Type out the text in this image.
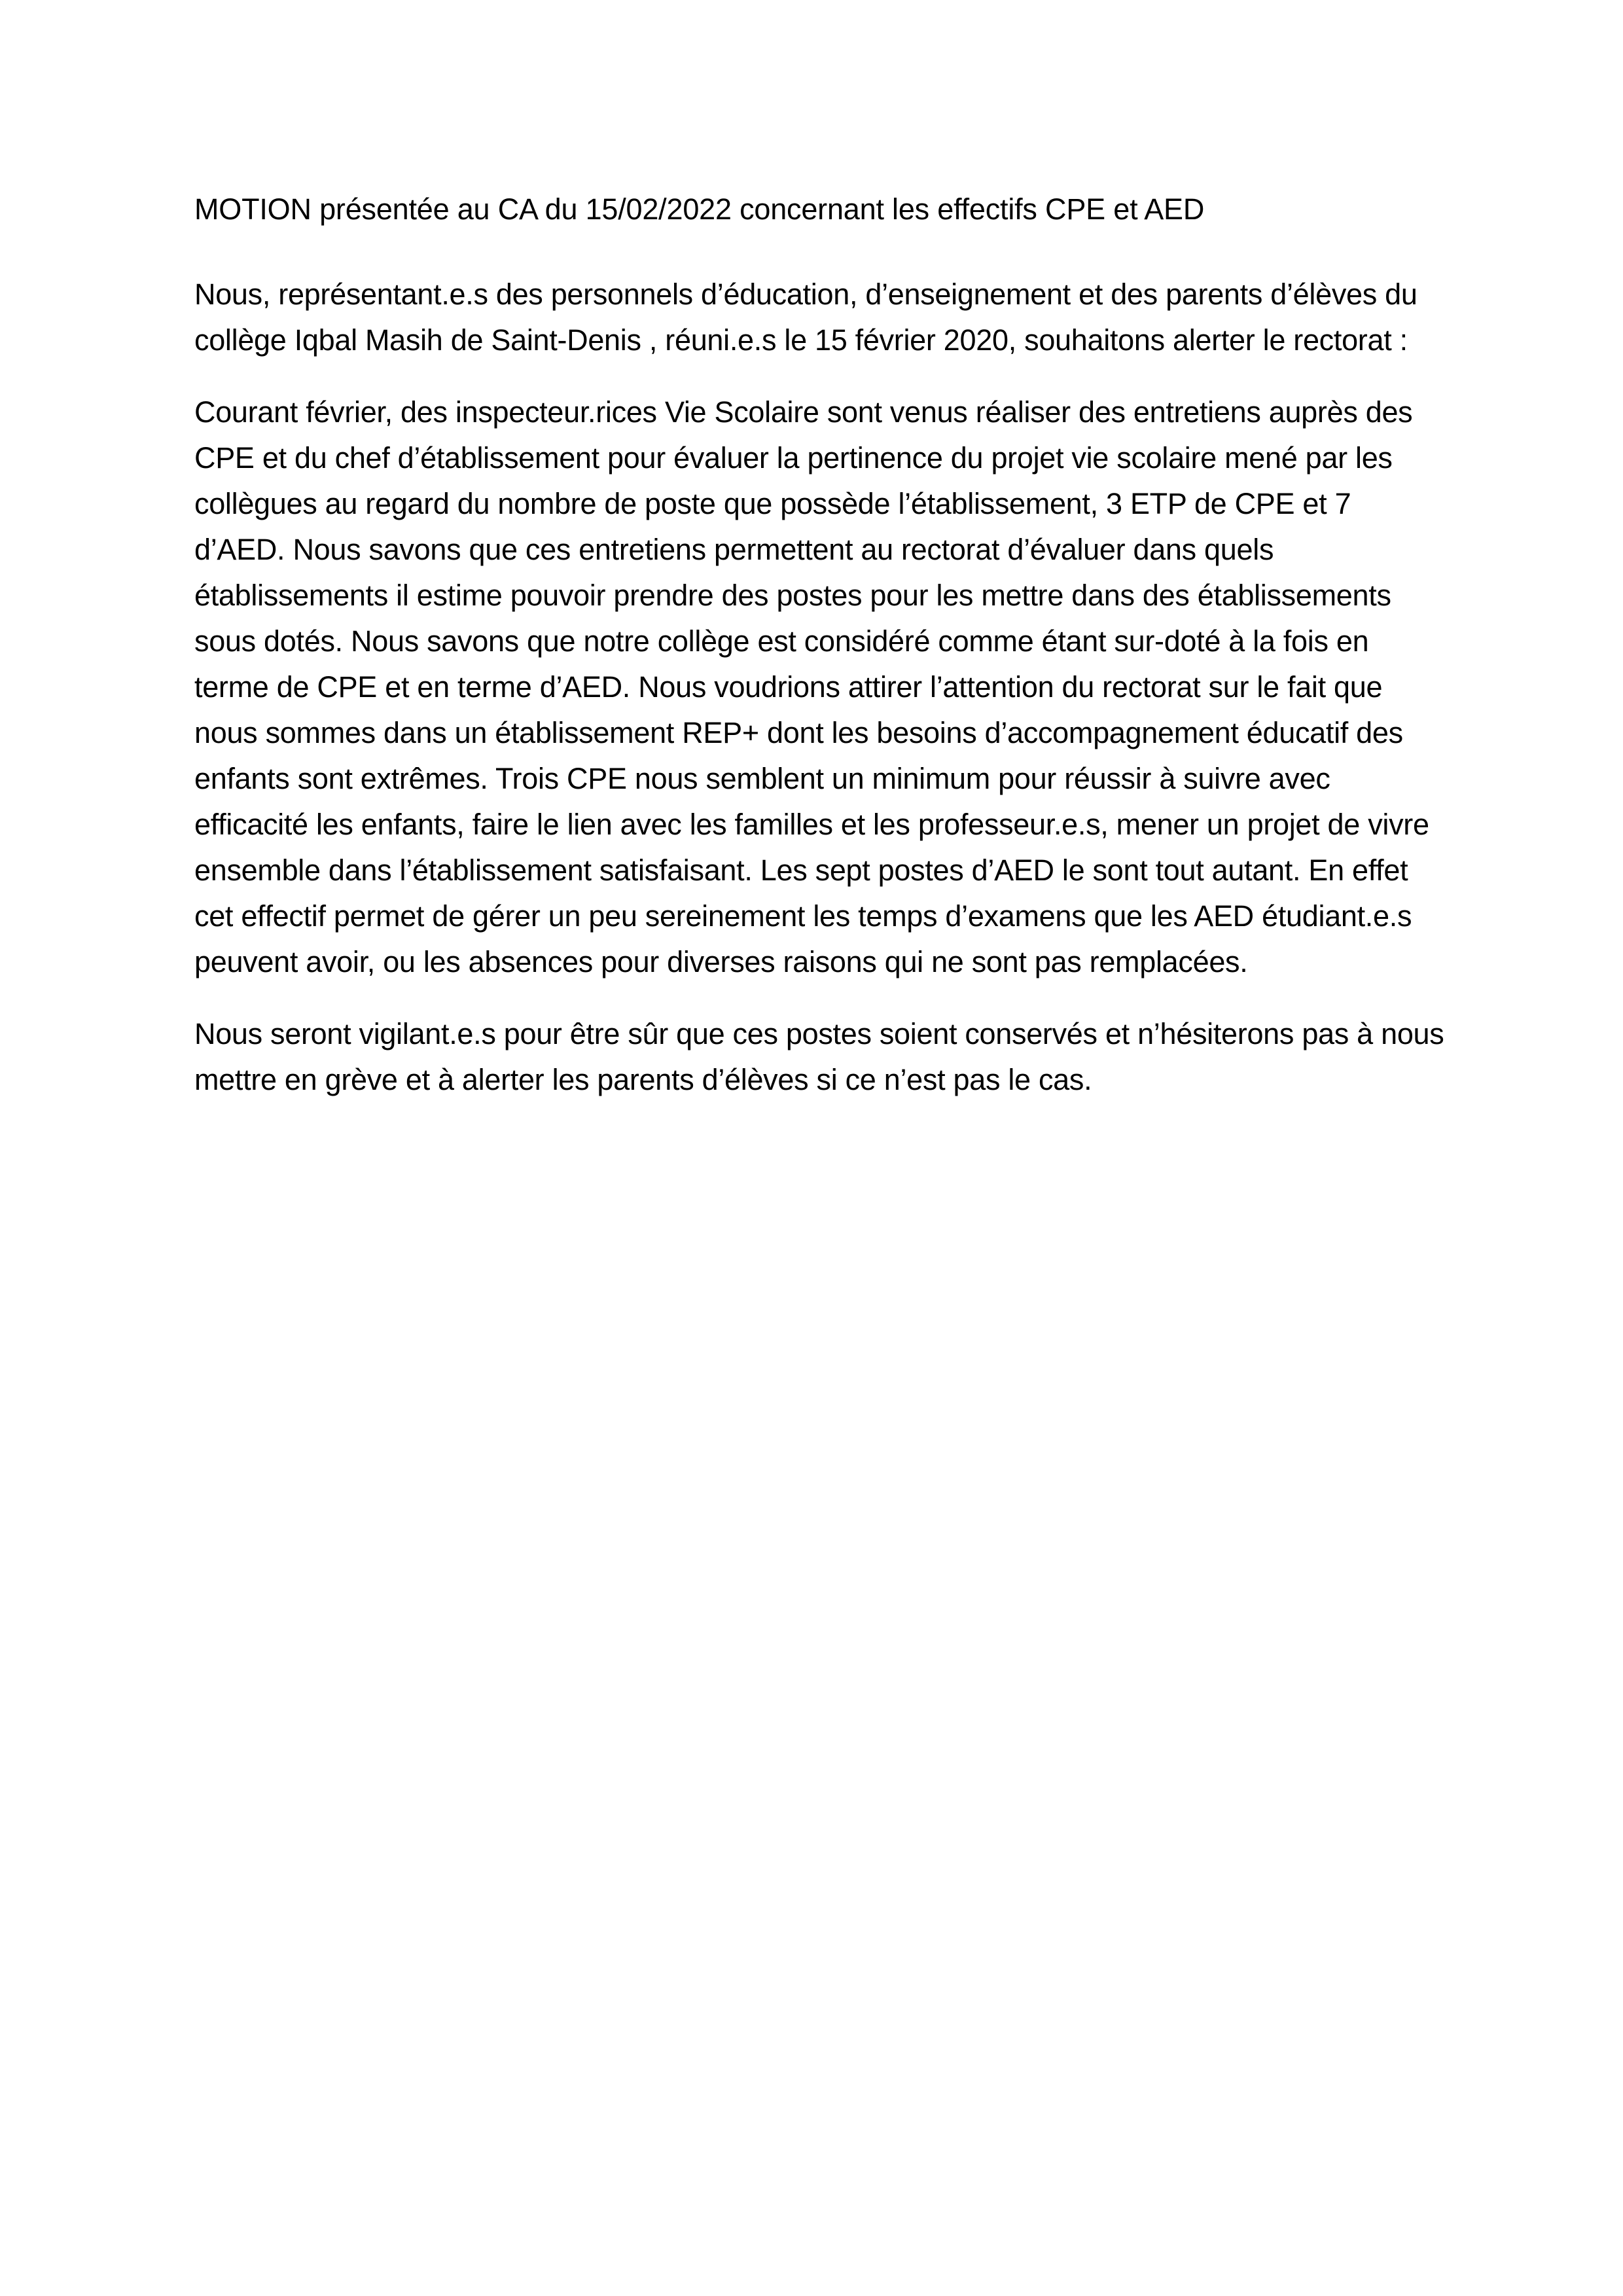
MOTION présentée au CA du 15/02/2022 concernant les effectifs CPE et AED

Nous, représentant.e.s des personnels d’éducation, d’enseignement et des parents d’élèves du collège Iqbal Masih de Saint-Denis , réuni.e.s le 15 février 2020, souhaitons alerter le rectorat :

Courant février, des inspecteur.rices Vie Scolaire sont venus réaliser des entretiens auprès des CPE et du chef d’établissement pour évaluer la pertinence du projet vie scolaire mené par les collègues au regard du nombre de poste que possède l’établissement, 3 ETP de CPE et 7 d’AED. Nous savons que ces entretiens permettent au rectorat d’évaluer dans quels établissements il estime pouvoir prendre des postes pour les mettre dans des établissements sous dotés. Nous savons que notre collège est considéré comme étant sur-doté à la fois en terme de CPE et en terme d’AED. Nous voudrions attirer l’attention du rectorat sur le fait que nous sommes dans un établissement REP+ dont les besoins d’accompagnement éducatif des enfants sont extrêmes. Trois CPE nous semblent un minimum pour réussir à suivre avec efficacité les enfants, faire le lien avec les familles et les professeur.e.s, mener un projet de vivre ensemble dans l’établissement satisfaisant. Les sept postes d’AED le sont tout autant. En effet cet effectif permet de gérer un peu sereinement les temps d’examens que les AED étudiant.e.s peuvent avoir, ou les absences pour diverses raisons qui ne sont pas remplacées.

Nous seront vigilant.e.s pour être sûr que ces postes soient conservés et n’hésiterons pas à nous mettre en grève et à alerter les parents d’élèves si ce n’est pas le cas.
